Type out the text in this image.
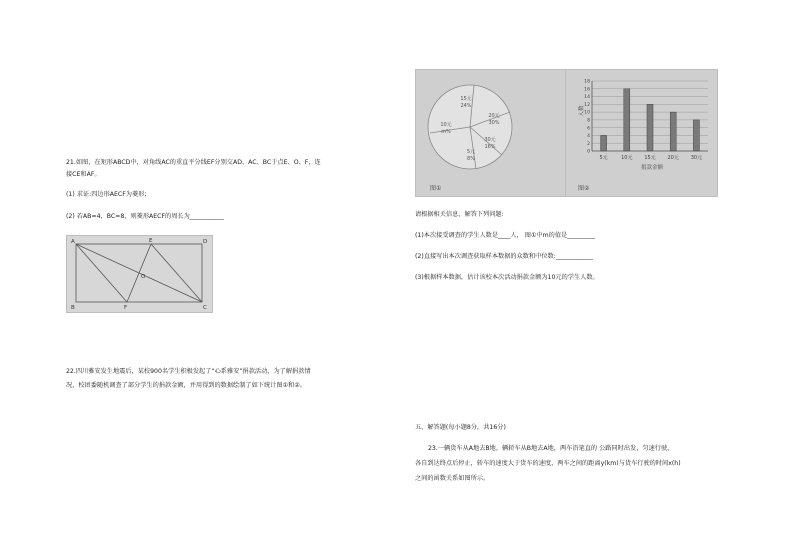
21.如图，在矩形ABCD中，对角线AC的重直平分线EF分别交AD、AC、BC于点E、O、F，连
接CE和AF。
(1) 求证:四边形AECF为菱形;
(2) 若AB=4，BC=8，则菱形AECF的周长为___________
A	E	D
B	F	C
O
22.四川雅安发生地震后，某校900名学生积极发起了“心系雅安”捐款活动，为了解捐款情
况，校团委随机调查了部分学生的捐款金额，并用得到的数据绘制了如下统计图①和②。
15元
24%
20元
30%
30元
16%
5元
8%
10元
m%
图①
0
2
4
6
8
10
12
14
16
18
5元	10元 15元 20元 30元
人数
捐款金额
图②
请根据相关信息，解答下列问题:
(1)本次接受调查的学生人数是____人， 图①中m的值是_________
(2)直接写出本次调查获取样本数据的众数和中位数:____________
(3)根据样本数据，估计该校本次活动捐款金额为10元的学生人数。
五、解答题(每小题8分，共16分)
23.一辆货车从A地去B地，辆轿车从B地去A地，两车沿笔直的 公路同时出发，匀速行驶，
各自到达终点后停止，轿车的速度大于货车的速度，两车之间的距离y(km)与货车行驶的时间x(h)
之间的函数关系如图所示。
